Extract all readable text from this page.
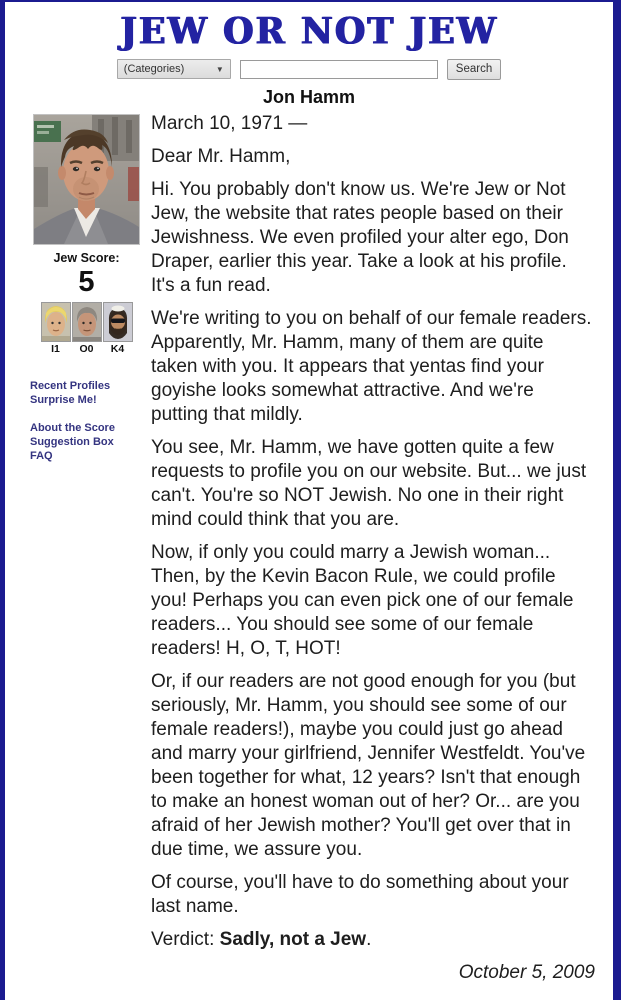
JEW OR NOT JEW
(Categories)	▼	Search
Jon Hamm
Jew Score:
5
I1	O0	K4
Recent Profiles
Surprise Me!
About the Score
Suggestion Box
FAQ

March 10, 1971 —

Dear Mr. Hamm,

Hi. You probably don't know us. We're Jew or Not Jew, the website that rates people based on their Jewishness. We even profiled your alter ego, Don Draper, earlier this year. Take a look at his profile. It's a fun read.

We're writing to you on behalf of our female readers. Apparently, Mr. Hamm, many of them are quite taken with you. It appears that yentas find your goyishe looks somewhat attractive. And we're putting that mildly.

You see, Mr. Hamm, we have gotten quite a few requests to profile you on our website. But... we just can't. You're so NOT Jewish. No one in their right mind could think that you are.

Now, if only you could marry a Jewish woman... Then, by the Kevin Bacon Rule, we could profile you! Perhaps you can even pick one of our female readers... You should see some of our female readers! H, O, T, HOT!

Or, if our readers are not good enough for you (but seriously, Mr. Hamm, you should see some of our female readers!), maybe you could just go ahead and marry your girlfriend, Jennifer Westfeldt. You've been together for what, 12 years? Isn't that enough to make an honest woman out of her? Or... are you afraid of her Jewish mother? You'll get over that in due time, we assure you.

Of course, you'll have to do something about your last name.

Verdict: Sadly, not a Jew.

October 5, 2009
